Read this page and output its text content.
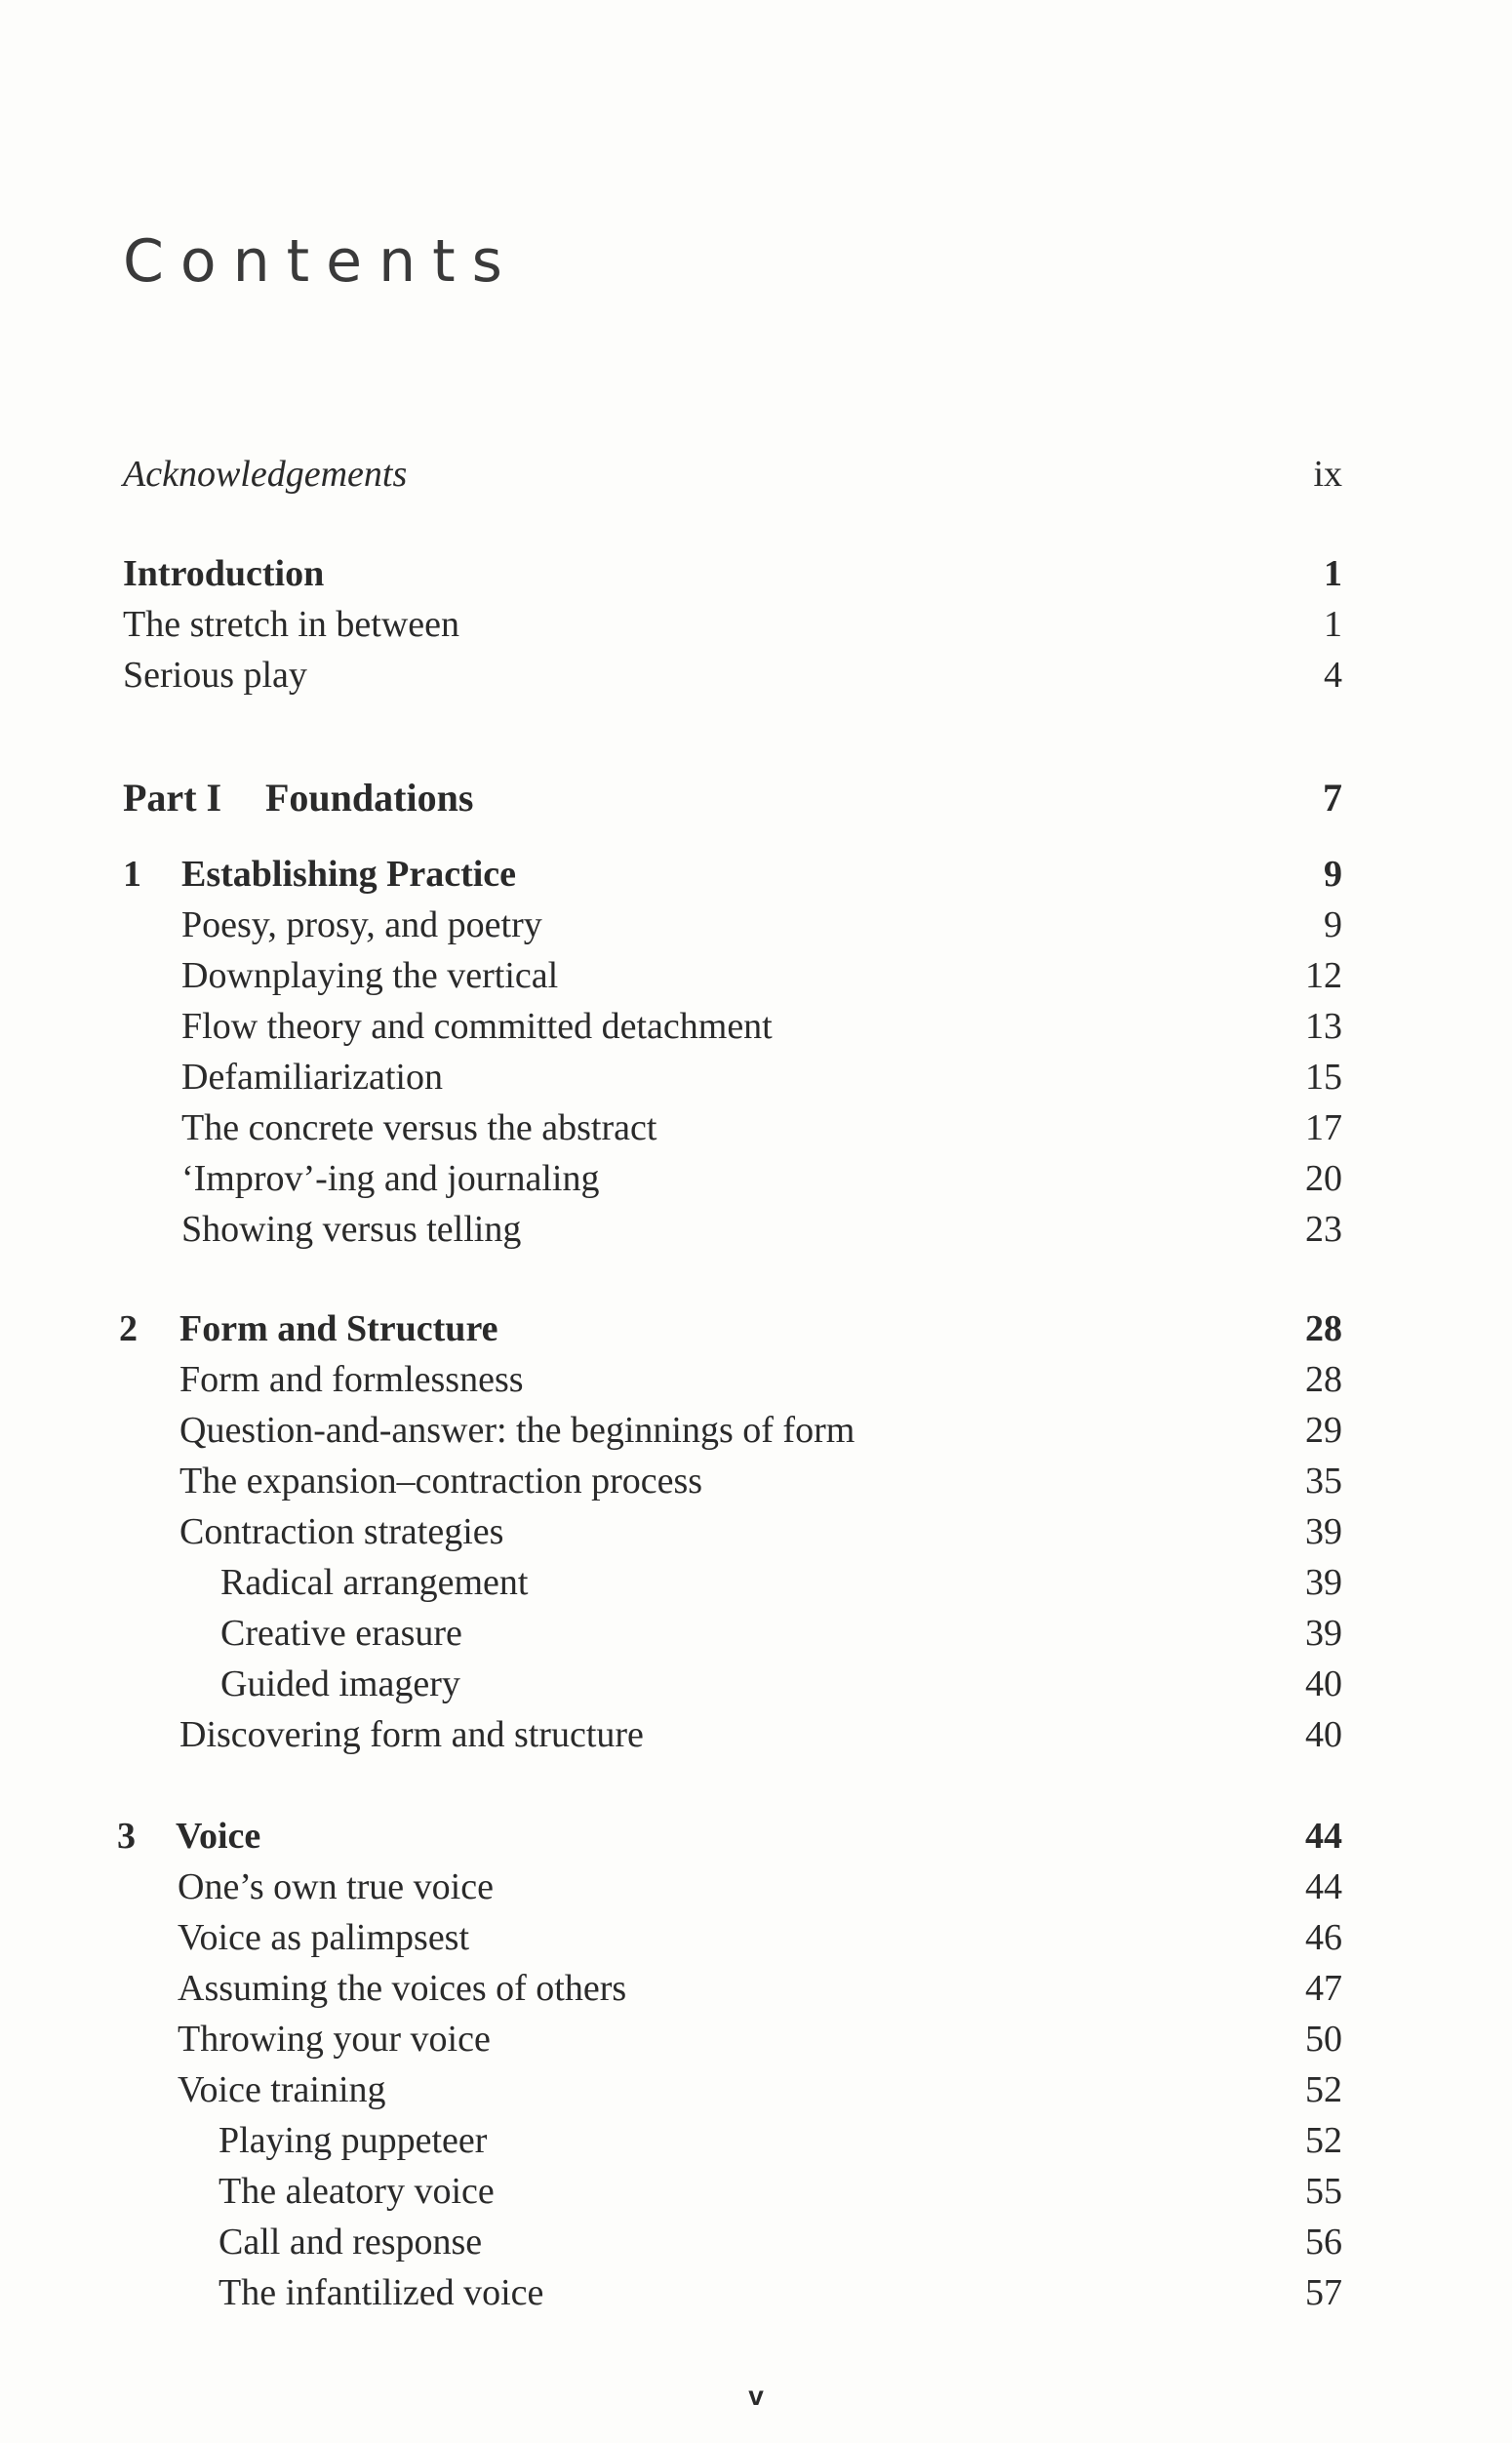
Contents
Acknowledgements	ix
Introduction	1
The stretch in between	1
Serious play	4
Part I Foundations	7
1 Establishing Practice	9
Poesy, prosy, and poetry	9
Downplaying the vertical	12
Flow theory and committed detachment	13
Defamiliarization	15
The concrete versus the abstract	17
‘Improv’-ing and journaling	20
Showing versus telling	23
2 Form and Structure	28
Form and formlessness	28
Question-and-answer: the beginnings of form	29
The expansion–contraction process	35
Contraction strategies	39
Radical arrangement	39
Creative erasure	39
Guided imagery	40
Discovering form and structure	40
3 Voice	44
One’s own true voice	44
Voice as palimpsest	46
Assuming the voices of others	47
Throwing your voice	50
Voice training	52
Playing puppeteer	52
The aleatory voice	55
Call and response	56
The infantilized voice	57
v
